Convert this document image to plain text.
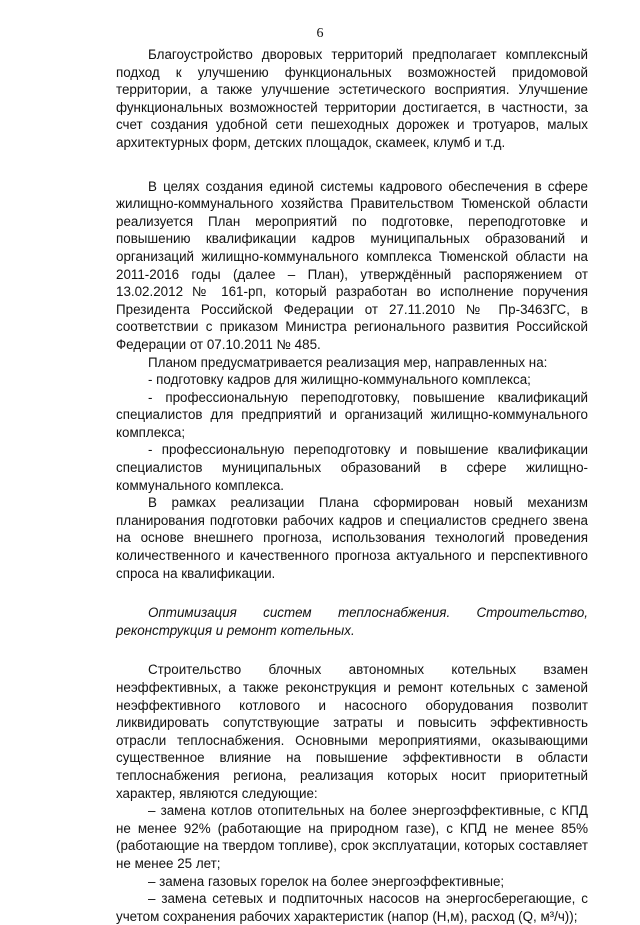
6

Благоустройство дворовых территорий предполагает комплексный подход к улучшению функциональных возможностей придомовой территории, а также улучшение эстетического восприятия. Улучшение функциональных возможностей территории достигается, в частности, за счет создания удобной сети пешеходных дорожек и тротуаров, малых архитектурных форм, детских площадок, скамеек, клумб и т.д.

В целях создания единой системы кадрового обеспечения в сфере жилищно-коммунального хозяйства Правительством Тюменской области реализуется План мероприятий по подготовке, переподготовке и повышению квалификации кадров муниципальных образований и организаций жилищно-коммунального комплекса Тюменской области на 2011-2016 годы (далее – План), утверждённый распоряжением от 13.02.2012 № 161-рп, который разработан во исполнение поручения Президента Российской Федерации от 27.11.2010 № Пр-3463ГС, в соответствии с приказом Министра регионального развития Российской Федерации от 07.10.2011 № 485.

Планом предусматривается реализация мер, направленных на:

- подготовку кадров для жилищно-коммунального комплекса;

- профессиональную переподготовку, повышение квалификаций специалистов для предприятий и организаций жилищно-коммунального комплекса;

- профессиональную переподготовку и повышение квалификации специалистов муниципальных образований в сфере жилищно-коммунального комплекса.

В рамках реализации Плана сформирован новый механизм планирования подготовки рабочих кадров и специалистов среднего звена на основе внешнего прогноза, использования технологий проведения количественного и качественного прогноза актуального и перспективного спроса на квалификации.

Оптимизация систем теплоснабжения. Строительство, реконструкция и ремонт котельных.

Строительство блочных автономных котельных взамен неэффективных, а также реконструкция и ремонт котельных с заменой неэффективного котлового и насосного оборудования позволит ликвидировать сопутствующие затраты и повысить эффективность отрасли теплоснабжения. Основными мероприятиями, оказывающими существенное влияние на повышение эффективности в области теплоснабжения региона, реализация которых носит приоритетный характер, являются следующие:

– замена котлов отопительных на более энергоэффективные, с КПД не менее 92% (работающие на природном газе), с КПД не менее 85% (работающие на твердом топливе), срок эксплуатации, которых составляет не менее 25 лет;

– замена газовых горелок на более энергоэффективные;

– замена сетевых и подпиточных насосов на энергосберегающие, с учетом сохранения рабочих характеристик (напор (Н,м), расход (Q, м³/ч));
